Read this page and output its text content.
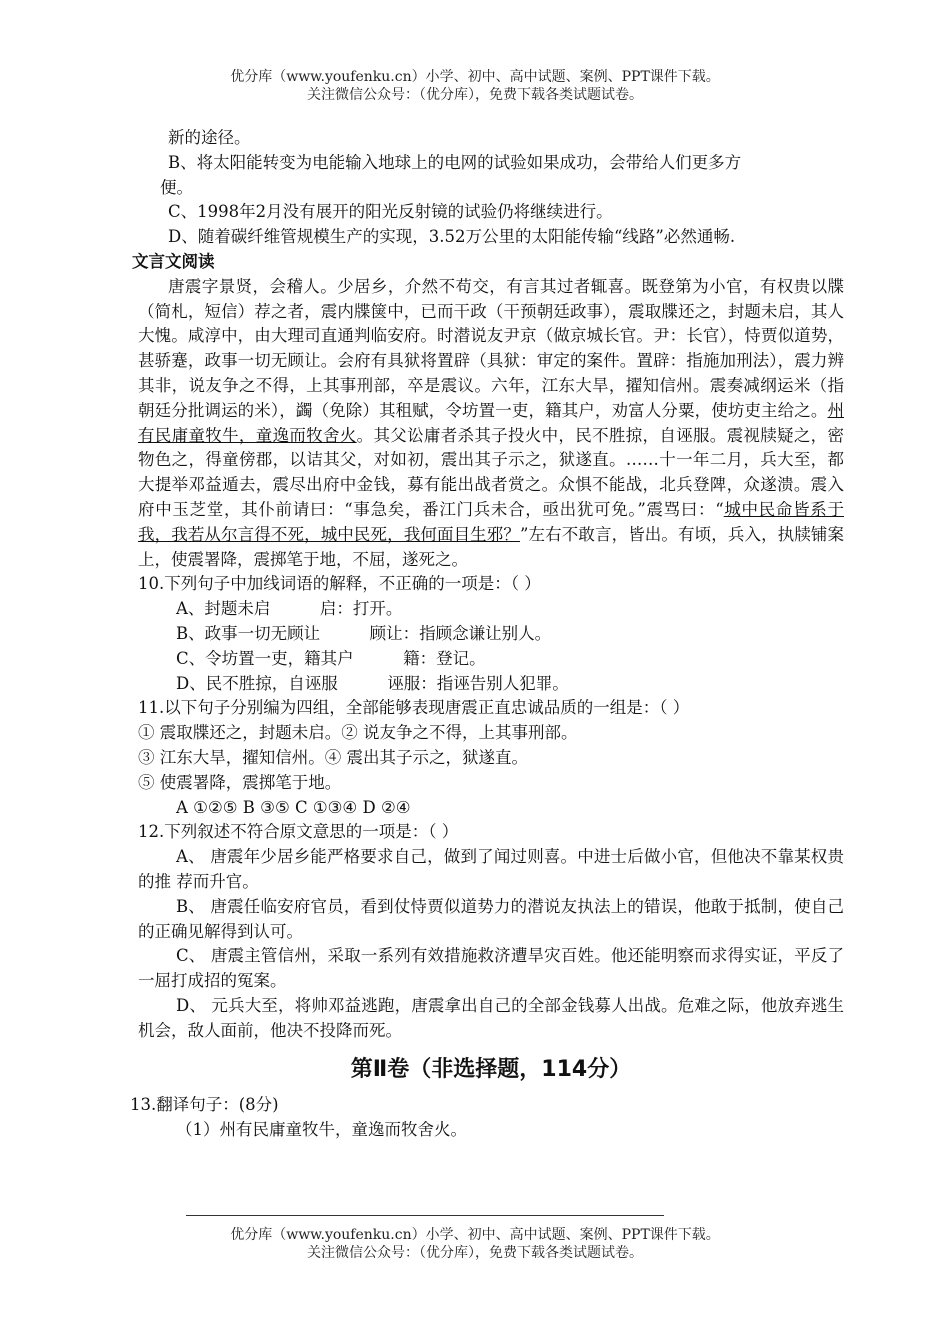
优分库（www.youfenku.cn）小学、初中、高中试题、案例、PPT课件下载。
关注微信公众号：（优分库），免费下载各类试题试卷。

新的途径。

B、将太阳能转变为电能输入地球上的电网的试验如果成功，会带给人们更多方

便。

C、1998年2月没有展开的阳光反射镜的试验仍将继续进行。

D、随着碳纤维管规模生产的实现，3.52万公里的太阳能传输“线路”必然通畅.

文言文阅读

唐震字景贤，会稽人。少居乡，介然不苟交，有言其过者辄喜。既登第为小官，有权贵以牒（简札，短信）荐之者，震内牒箧中，已而干政（干预朝廷政事），震取牒还之，封题未启，其人大愧。咸淳中，由大理司直通判临安府。时潜说友尹京（做京城长官。尹：长官），恃贾似道势，甚骄蹇，政事一切无顾让。会府有具狱将置辟（具狱：审定的案件。置辟：指施加刑法），震力辨其非，说友争之不得，上其事刑部，卒是震议。六年，江东大旱，擢知信州。震奏减纲运米（指朝廷分批调运的米），蠲（免除）其租赋，令坊置一吏，籍其户，劝富人分粟，使坊吏主给之。州有民庸童牧牛，童逸而牧舍火。其父讼庸者杀其子投火中，民不胜掠，自诬服。震视牍疑之，密物色之，得童傍郡，以诘其父，对如初，震出其子示之，狱遂直。……十一年二月，兵大至，都大提举邓益遁去，震尽出府中金钱，募有能出战者赏之。众惧不能战，北兵登陴，众遂溃。震入府中玉芝堂，其仆前请曰：“事急矣，番江门兵未合，亟出犹可免。”震骂曰：“城中民命皆系于我，我若从尔言得不死，城中民死，我何面目生邪？”左右不敢言，皆出。有顷，兵入，执牍铺案上，使震署降，震掷笔于地，不屈，遂死之。

10.下列句子中加线词语的解释，不正确的一项是：（ ）

A、封题未启　　　启：打开。

B、政事一切无顾让　　　顾让：指顾念谦让别人。

C、令坊置一吏，籍其户　　　籍：登记。

D、民不胜掠，自诬服　　　诬服：指诬告别人犯罪。

11.以下句子分别编为四组，全部能够表现唐震正直忠诚品质的一组是：（ ）

① 震取牒还之，封题未启。② 说友争之不得，上其事刑部。

③ 江东大旱，擢知信州。④ 震出其子示之，狱遂直。

⑤ 使震署降，震掷笔于地。

A ①②⑤ B ③⑤ C ①③④ D ②④

12.下列叙述不符合原文意思的一项是：（ ）

A、 唐震年少居乡能严格要求自己，做到了闻过则喜。中进士后做小官，但他决不靠某权贵的推 荐而升官。

B、 唐震任临安府官员，看到仗恃贾似道势力的潜说友执法上的错误，他敢于抵制，使自己的正确见解得到认可。

C、 唐震主管信州，采取一系列有效措施救济遭旱灾百姓。他还能明察而求得实证，平反了一屈打成招的冤案。

D、 元兵大至，将帅邓益逃跑，唐震拿出自己的全部金钱募人出战。危难之际，他放弃逃生机会，敌人面前，他决不投降而死。

第Ⅱ卷（非选择题，114分）

13.翻译句子：(8分)

（1）州有民庸童牧牛，童逸而牧舍火。

优分库（www.youfenku.cn）小学、初中、高中试题、案例、PPT课件下载。
关注微信公众号：（优分库），免费下载各类试题试卷。
